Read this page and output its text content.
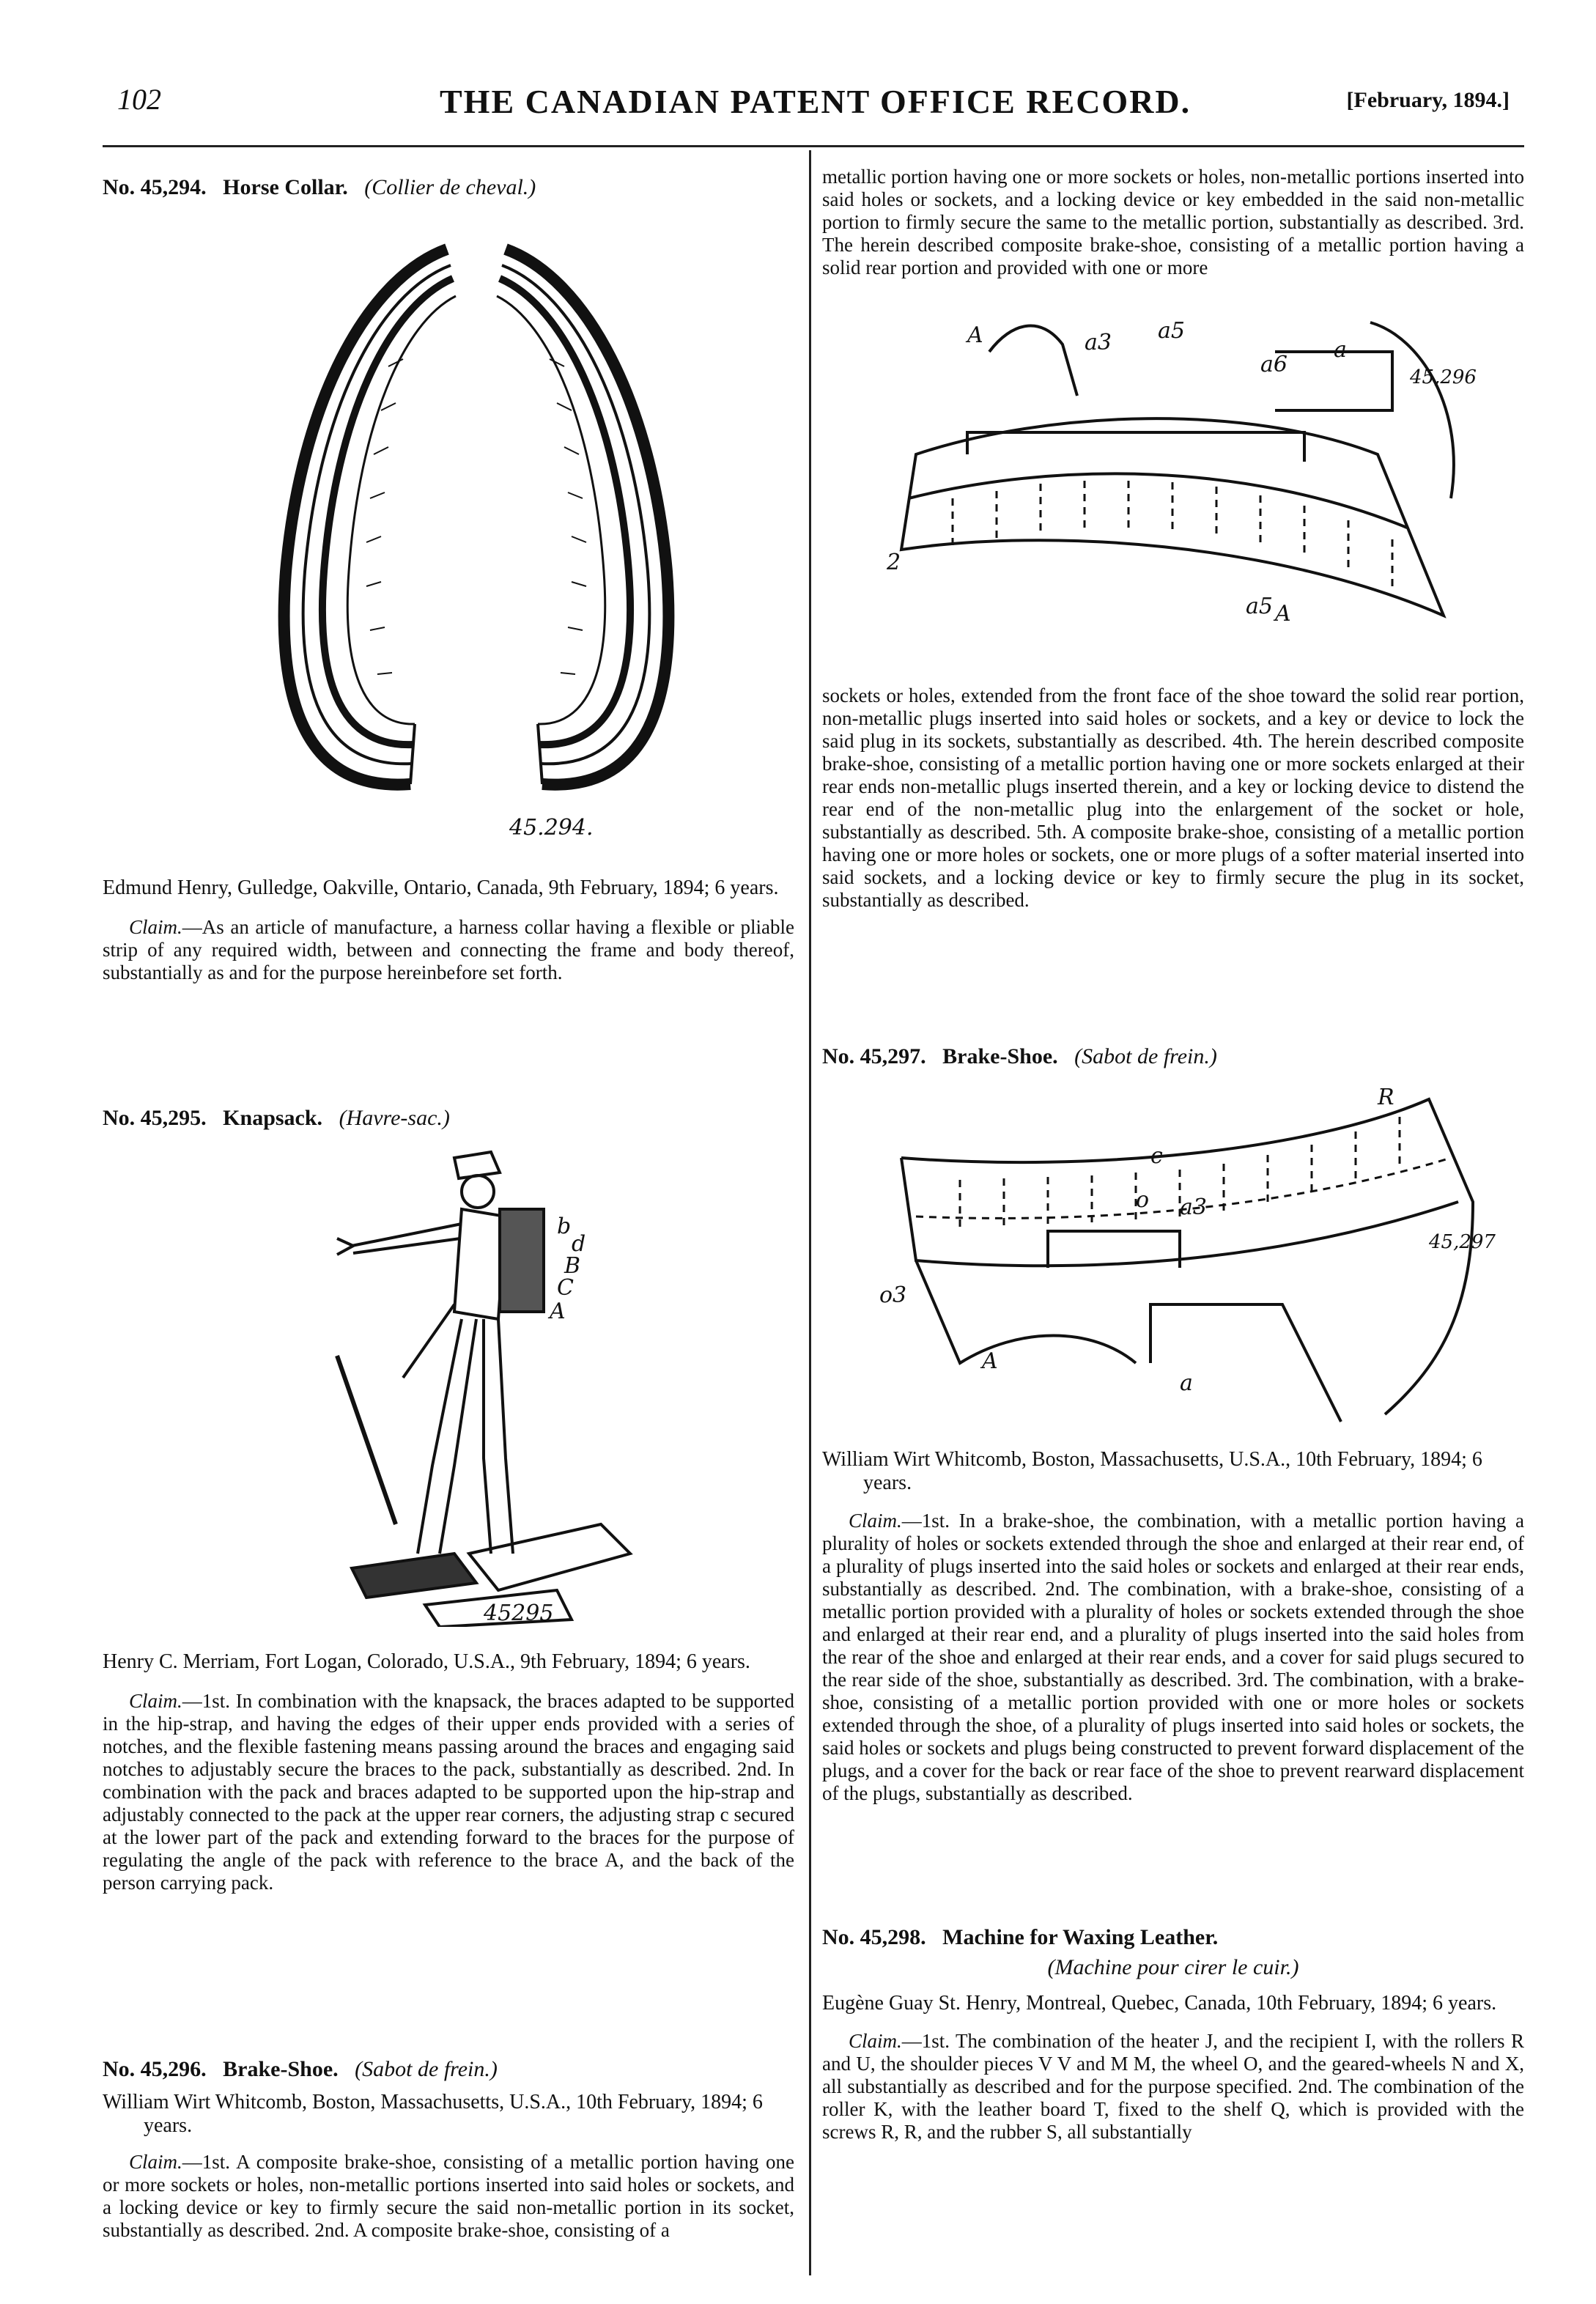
102	THE CANADIAN PATENT OFFICE RECORD.	[February, 1894.]
No. 45,294. Horse Collar. (Collier de cheval.)
45.294.
Edmund Henry, Gulledge, Oakville, Ontario, Canada, 9th February, 1894; 6 years.
Claim.—As an article of manufacture, a harness collar having a flexible or pliable strip of any required width, between and connecting the frame and body thereof, substantially as and for the purpose hereinbefore set forth.
No. 45,295. Knapsack. (Havre-sac.)
b
d
B
C
A
45295
Henry C. Merriam, Fort Logan, Colorado, U.S.A., 9th February, 1894; 6 years.
Claim.—1st. In combination with the knapsack, the braces adapted to be supported in the hip-strap, and having the edges of their upper ends provided with a series of notches, and the flexible fastening means passing around the braces and engaging said notches to adjustably secure the braces to the pack, substantially as described. 2nd. In combination with the pack and braces adapted to be supported upon the hip-strap and adjustably connected to the pack at the upper rear corners, the adjusting strap c secured at the lower part of the pack and extending forward to the braces for the purpose of regulating the angle of the pack with reference to the brace A, and the back of the person carrying pack.
No. 45,296. Brake-Shoe. (Sabot de frein.)
William Wirt Whitcomb, Boston, Massachusetts, U.S.A., 10th February, 1894; 6 years.
Claim.—1st. A composite brake-shoe, consisting of a metallic portion having one or more sockets or holes, non-metallic portions inserted into said holes or sockets, and a locking device or key to firmly secure the said non-metallic portion in its socket, substantially as described. 2nd. A composite brake-shoe, consisting of a
metallic portion having one or more sockets or holes, non-metallic portions inserted into said holes or sockets, and a locking device or key embedded in the said non-metallic portion to firmly secure the same to the metallic portion, substantially as described. 3rd. The herein described composite brake-shoe, consisting of a metallic portion having a solid rear portion and provided with one or more
A	a3 a5
a6
a
45,296
2
a5 A
sockets or holes, extended from the front face of the shoe toward the solid rear portion, non-metallic plugs inserted into said holes or sockets, and a key or device to lock the said plug in its sockets, substantially as described. 4th. The herein described composite brake-shoe, consisting of a metallic portion having one or more sockets enlarged at their rear ends non-metallic plugs inserted therein, and a key or locking device to distend the rear end of the non-metallic plug into the enlargement of the socket or hole, substantially as described. 5th. A composite brake-shoe, consisting of a metallic portion having one or more holes or sockets, one or more plugs of a softer material inserted into said sockets, and a locking device or key to firmly secure the plug in its socket, substantially as described.
No. 45,297. Brake-Shoe. (Sabot de frein.)
R
c
o a3
45,297
o3
A
a
William Wirt Whitcomb, Boston, Massachusetts, U.S.A., 10th February, 1894; 6 years.
Claim.—1st. In a brake-shoe, the combination, with a metallic portion having a plurality of holes or sockets extended through the shoe and enlarged at their rear end, of a plurality of plugs inserted into the said holes or sockets and enlarged at their rear ends, substantially as described. 2nd. The combination, with a brake-shoe, consisting of a metallic portion provided with a plurality of holes or sockets extended through the shoe and enlarged at their rear end, and a plurality of plugs inserted into the said holes from the rear of the shoe and enlarged at their rear ends, and a cover for said plugs secured to the rear side of the shoe, substantially as described. 3rd. The combination, with a brake-shoe, consisting of a metallic portion provided with one or more holes or sockets extended through the shoe, of a plurality of plugs inserted into said holes or sockets, the said holes or sockets and plugs being constructed to prevent forward displacement of the plugs, and a cover for the back or rear face of the shoe to prevent rearward displacement of the plugs, substantially as described.
No. 45,298. Machine for Waxing Leather.
(Machine pour cirer le cuir.)
Eugène Guay St. Henry, Montreal, Quebec, Canada, 10th February, 1894; 6 years.
Claim.—1st. The combination of the heater J, and the recipient I, with the rollers R and U, the shoulder pieces V V and M M, the wheel O, and the geared-wheels N and X, all substantially as described and for the purpose specified. 2nd. The combination of the roller K, with the leather board T, fixed to the shelf Q, which is provided with the screws R, R, and the rubber S, all substantially
